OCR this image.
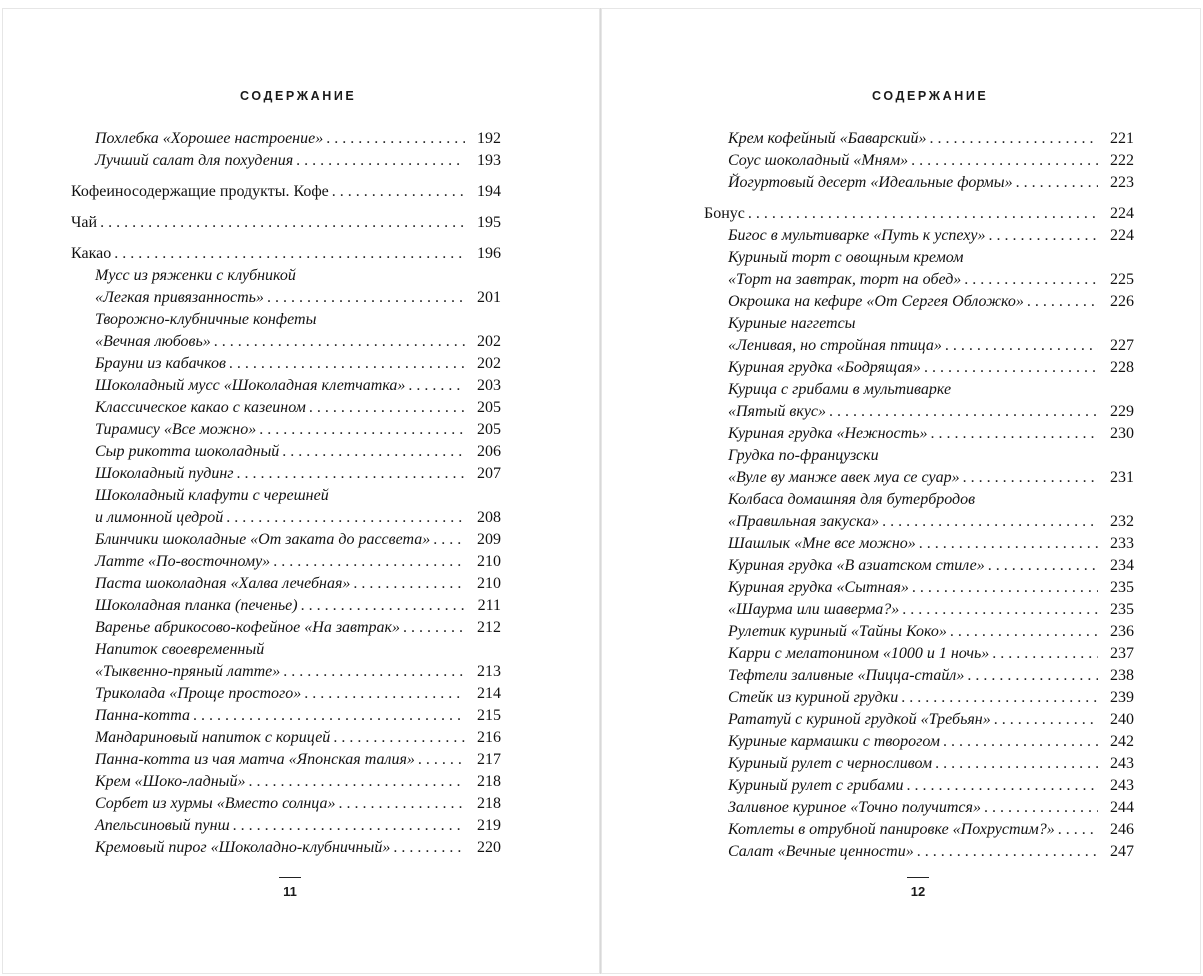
СОДЕРЖАНИЕ
Похлебка «Хорошее настроение» . . .	192
Лучший салат для похудения . . .	193
Кофеиносодержащие продукты. Кофе . . .	194
Чай . . .	195
Какао . . .	196
Мусс из ряженки с клубникой
«Легкая привязанность» . . .	201
Творожно-клубничные конфеты
«Вечная любовь» . . .	202
Брауни из кабачков . . .	202
Шоколадный мусс «Шоколадная клетчатка» . . .	203
Классическое какао с казеином . . .	205
Тирамису «Все можно» . . .	205
Сыр рикотта шоколадный . . .	206
Шоколадный пудинг . . .	207
Шоколадный клафути с черешней
и лимонной цедрой . . .	208
Блинчики шоколадные «От заката до рассвета» . . .	209
Латте «По-восточному» . . .	210
Паста шоколадная «Халва лечебная» . . .	210
Шоколадная планка (печенье) . . .	211
Варенье абрикосово-кофейное «На завтрак» . . .	212
Напиток своевременный
«Тыквенно-пряный латте» . . .	213
Триколада «Проще простого» . . .	214
Панна-котта . . .	215
Мандариновый напиток с корицей . . .	216
Панна-котта из чая матча «Японская талия» . . .	217
Крем «Шоко-ладный» . . .	218
Сорбет из хурмы «Вместо солнца» . . .	218
Апельсиновый пунш . . .	219
Кремовый пирог «Шоколадно-клубничный» . . .	220
11
СОДЕРЖАНИЕ
Крем кофейный «Баварский» . . .	221
Соус шоколадный «Мням» . . .	222
Йогуртовый десерт «Идеальные формы» . . .	223
Бонус . . .	224
Бигос в мультиварке «Путь к успеху» . . .	224
Куриный торт с овощным кремом
«Торт на завтрак, торт на обед» . . .	225
Окрошка на кефире «От Сергея Обложко» . . .	226
Куриные наггетсы
«Ленивая, но стройная птица» . . .	227
Куриная грудка «Бодрящая» . . .	228
Курица с грибами в мультиварке
«Пятый вкус» . . .	229
Куриная грудка «Нежность» . . .	230
Грудка по-французски
«Вуле ву манже авек муа се суар» . . .	231
Колбаса домашняя для бутербродов
«Правильная закуска» . . .	232
Шашлык «Мне все можно» . . .	233
Куриная грудка «В азиатском стиле» . . .	234
Куриная грудка «Сытная» . . .	235
«Шаурма или шаверма?» . . .	235
Рулетик куриный «Тайны Коко» . . .	236
Карри с мелатонином «1000 и 1 ночь» . . .	237
Тефтели заливные «Пицца-стайл» . . .	238
Стейк из куриной грудки . . .	239
Рататуй с куриной грудкой «Требьян» . . .	240
Куриные кармашки с творогом . . .	242
Куриный рулет с черносливом . . .	243
Куриный рулет с грибами . . .	243
Заливное куриное «Точно получится» . . .	244
Котлеты в отрубной панировке «Похрустим?» . . .	246
Салат «Вечные ценности» . . .	247
12
